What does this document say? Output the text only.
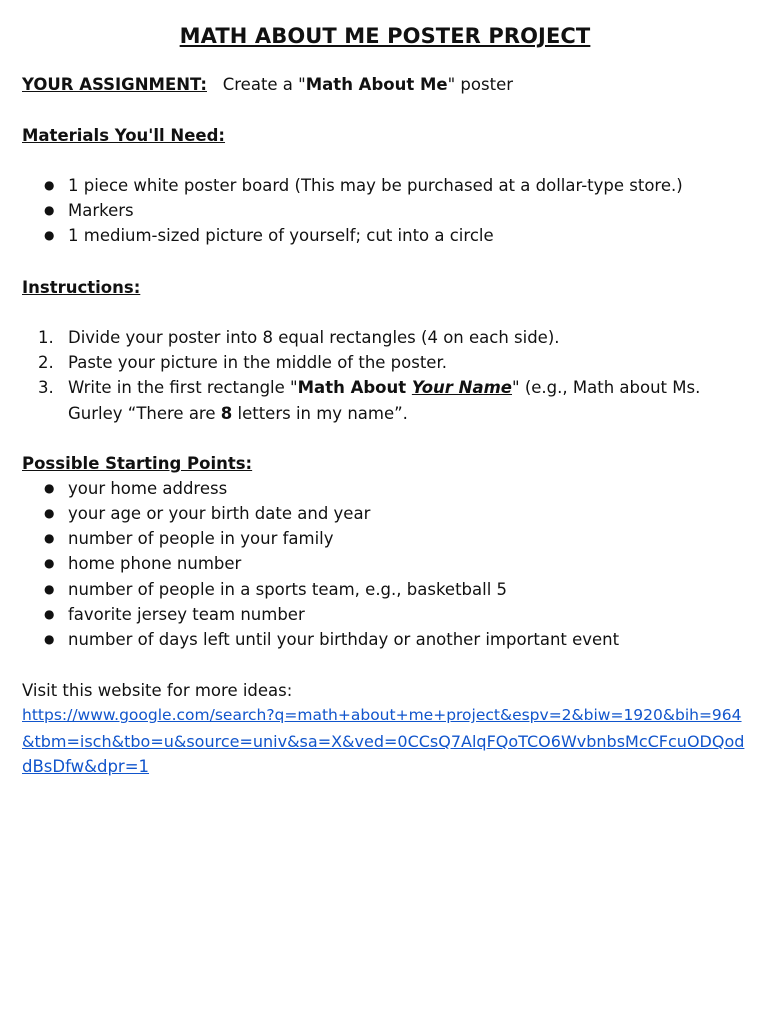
MATH ABOUT ME POSTER PROJECT
YOUR ASSIGNMENT: Create a "Math About Me" poster
Materials You'll Need:
● 1 piece white poster board (This may be purchased at a dollar-type store.)
● Markers
● 1 medium-sized picture of yourself; cut into a circle
Instructions:
1. Divide your poster into 8 equal rectangles (4 on each side).
2. Paste your picture in the middle of the poster.
3. Write in the first rectangle "Math About Your Name" (e.g., Math about Ms.
Gurley “There are 8 letters in my name”.
Possible Starting Points:
● your home address
● your age or your birth date and year
● number of people in your family
● home phone number
● number of people in a sports team, e.g., basketball 5
● favorite jersey team number
● number of days left until your birthday or another important event
Visit this website for more ideas:
https://www.google.com/search?q=math+about+me+project&espv=2&biw=1920&bih=964
&tbm=isch&tbo=u&source=univ&sa=X&ved=0CCsQ7AlqFQoTCO6WvbnbsMcCFcuODQod
dBsDfw&dpr=1
